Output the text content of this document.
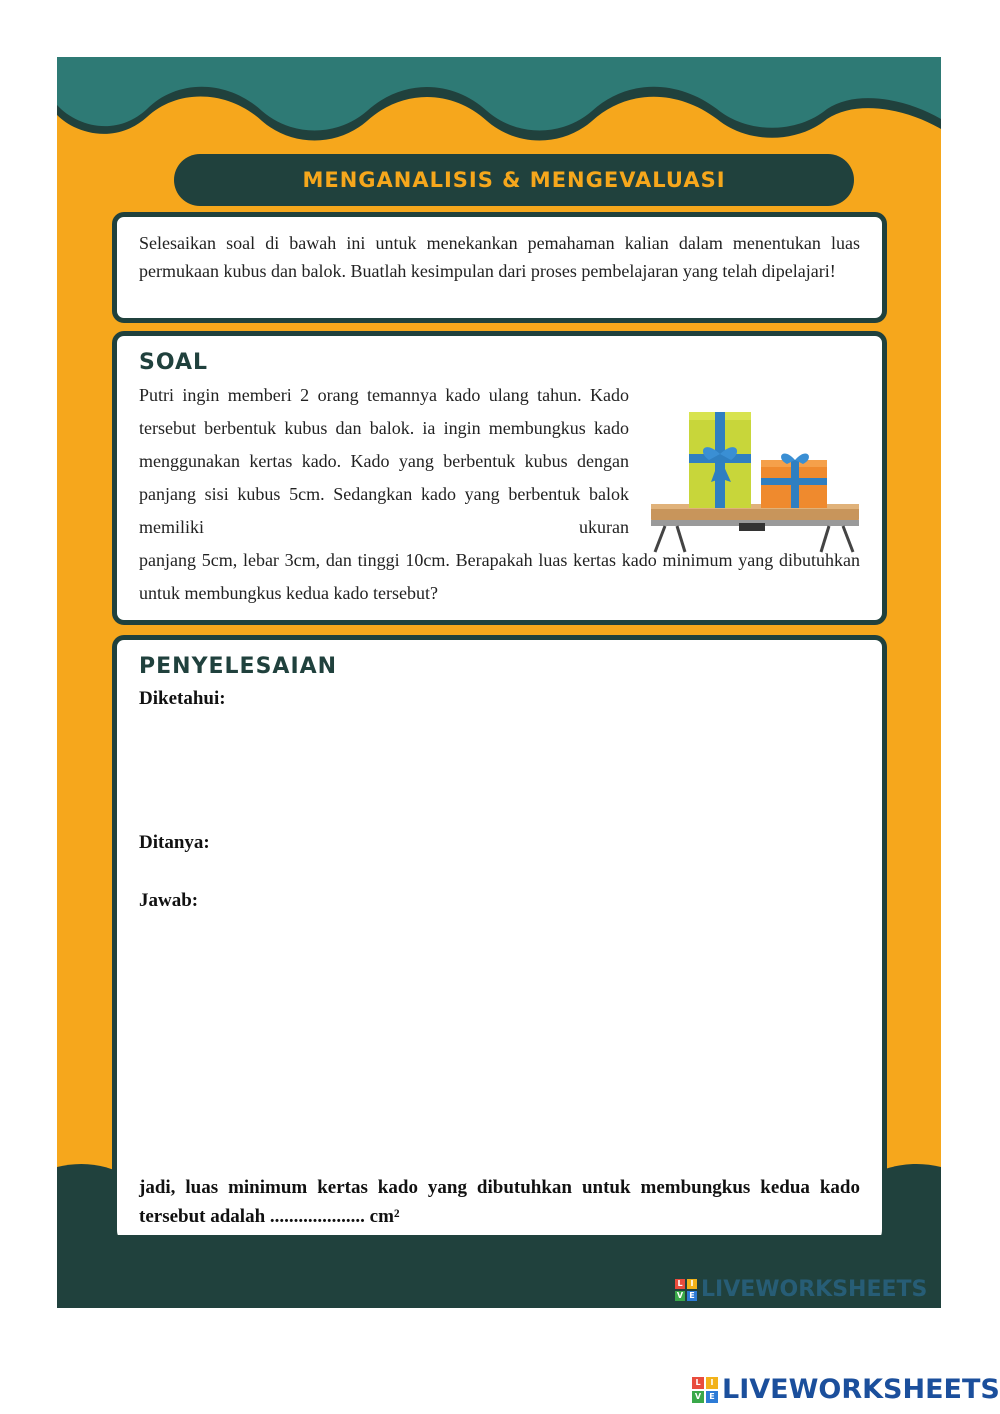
MENGANALISIS & MENGEVALUASI

Selesaikan soal di bawah ini untuk menekankan pemahaman kalian dalam menentukan luas permukaan kubus dan balok. Buatlah kesimpulan dari proses pembelajaran yang telah dipelajari!

SOAL

Putri ingin memberi 2 orang temannya kado ulang tahun. Kado tersebut berbentuk kubus dan balok. ia ingin membungkus kado menggunakan kertas kado. Kado yang berbentuk kubus dengan panjang sisi kubus 5cm. Sedangkan kado yang berbentuk balok memiliki ukuran

panjang 5cm, lebar 3cm, dan tinggi 10cm. Berapakah luas kertas kado minimum yang dibutuhkan untuk membungkus kedua kado tersebut?

PENYELESAIAN
Diketahui:
Ditanya:
Jawab:
jadi, luas minimum kertas kado yang dibutuhkan untuk membungkus kedua kado tersebut adalah .................... cm²
L I
V E LIVEWORKSHEETS
L	I
V	E LIVEWORKSHEETS
